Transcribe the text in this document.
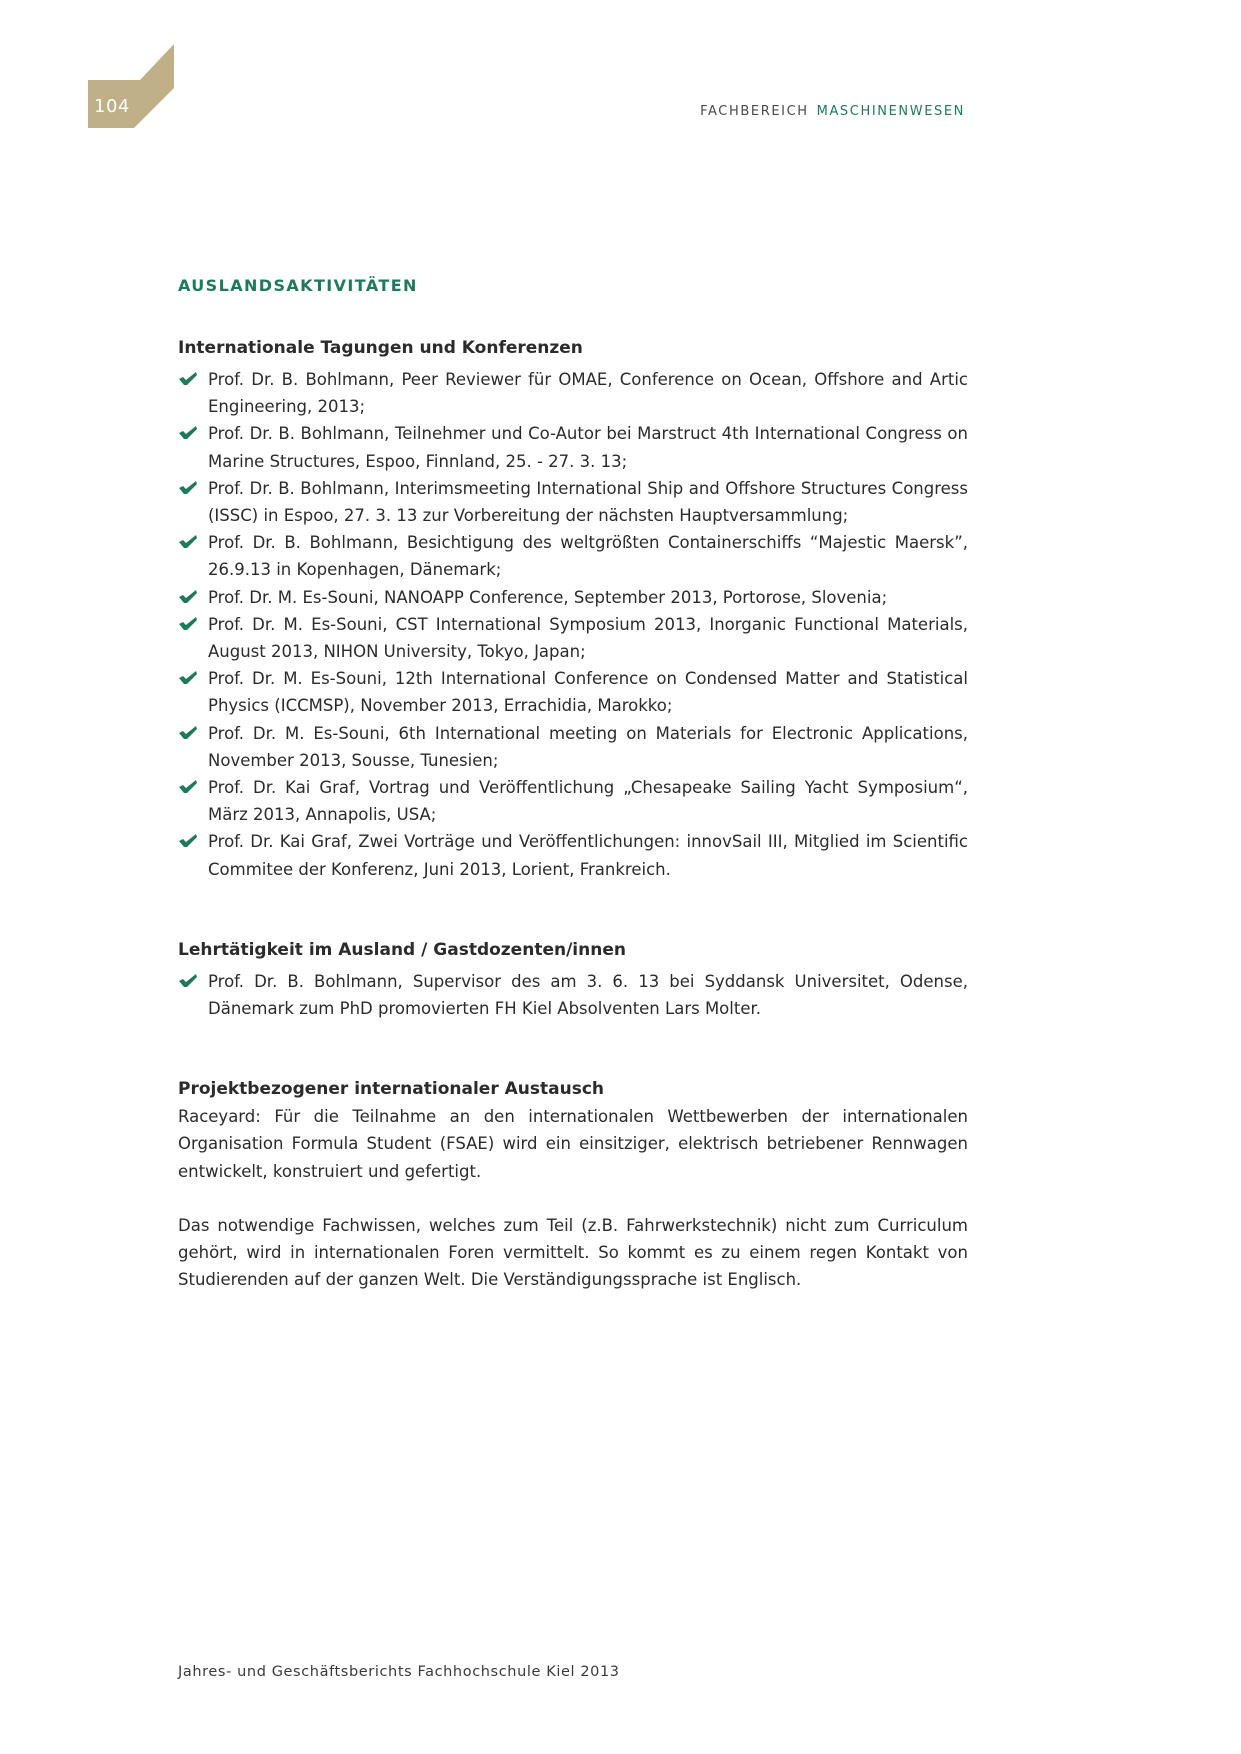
104	FACHBEREICH MASCHINENWESEN
AUSLANDSAKTIVITÄTEN
Internationale Tagungen und Konferenzen
Prof. Dr. B. Bohlmann, Peer Reviewer für OMAE, Conference on Ocean, Offshore and Artic Engineering, 2013;
Prof. Dr. B. Bohlmann, Teilnehmer und Co-Autor bei Marstruct 4th International Congress on Marine Structures, Espoo, Finnland, 25. - 27. 3. 13;
Prof. Dr. B. Bohlmann, Interimsmeeting International Ship and Offshore Structures Congress (ISSC) in Espoo, 27. 3. 13 zur Vorbereitung der nächsten Hauptversammlung;
Prof. Dr. B. Bohlmann, Besichtigung des weltgrößten Containerschiffs “Majestic Maersk”, 26.9.13 in Kopenhagen, Dänemark;
Prof. Dr. M. Es-Souni, NANOAPP Conference, September 2013, Portorose, Slovenia;
Prof. Dr. M. Es-Souni, CST International Symposium 2013, Inorganic Functional Materials, August 2013, NIHON University, Tokyo, Japan;
Prof. Dr. M. Es-Souni, 12th International Conference on Condensed Matter and Statistical Physics (ICCMSP), November 2013, Errachidia, Marokko;
Prof. Dr. M. Es-Souni, 6th International meeting on Materials for Electronic Applications, November 2013, Sousse, Tunesien;
Prof. Dr. Kai Graf, Vortrag und Veröffentlichung „Chesapeake Sailing Yacht Symposium“, März 2013, Annapolis, USA;
Prof. Dr. Kai Graf, Zwei Vorträge und Veröffentlichungen: innovSail III, Mitglied im Scientific Commitee der Konferenz, Juni 2013, Lorient, Frankreich.
Lehrtätigkeit im Ausland / Gastdozenten/innen
Prof. Dr. B. Bohlmann, Supervisor des am 3. 6. 13 bei Syddansk Universitet, Odense, Dänemark zum PhD promovierten FH Kiel Absolventen Lars Molter.
Projektbezogener internationaler Austausch

Raceyard: Für die Teilnahme an den internationalen Wettbewerben der internationalen Organisation Formula Student (FSAE) wird ein einsitziger, elektrisch betriebener Rennwagen entwickelt, konstruiert und gefertigt.

Das notwendige Fachwissen, welches zum Teil (z.B. Fahrwerkstechnik) nicht zum Curriculum gehört, wird in internationalen Foren vermittelt. So kommt es zu einem regen Kontakt von Studierenden auf der ganzen Welt. Die Verständigungssprache ist Englisch.

Jahres- und Geschäftsberichts Fachhochschule Kiel 2013
